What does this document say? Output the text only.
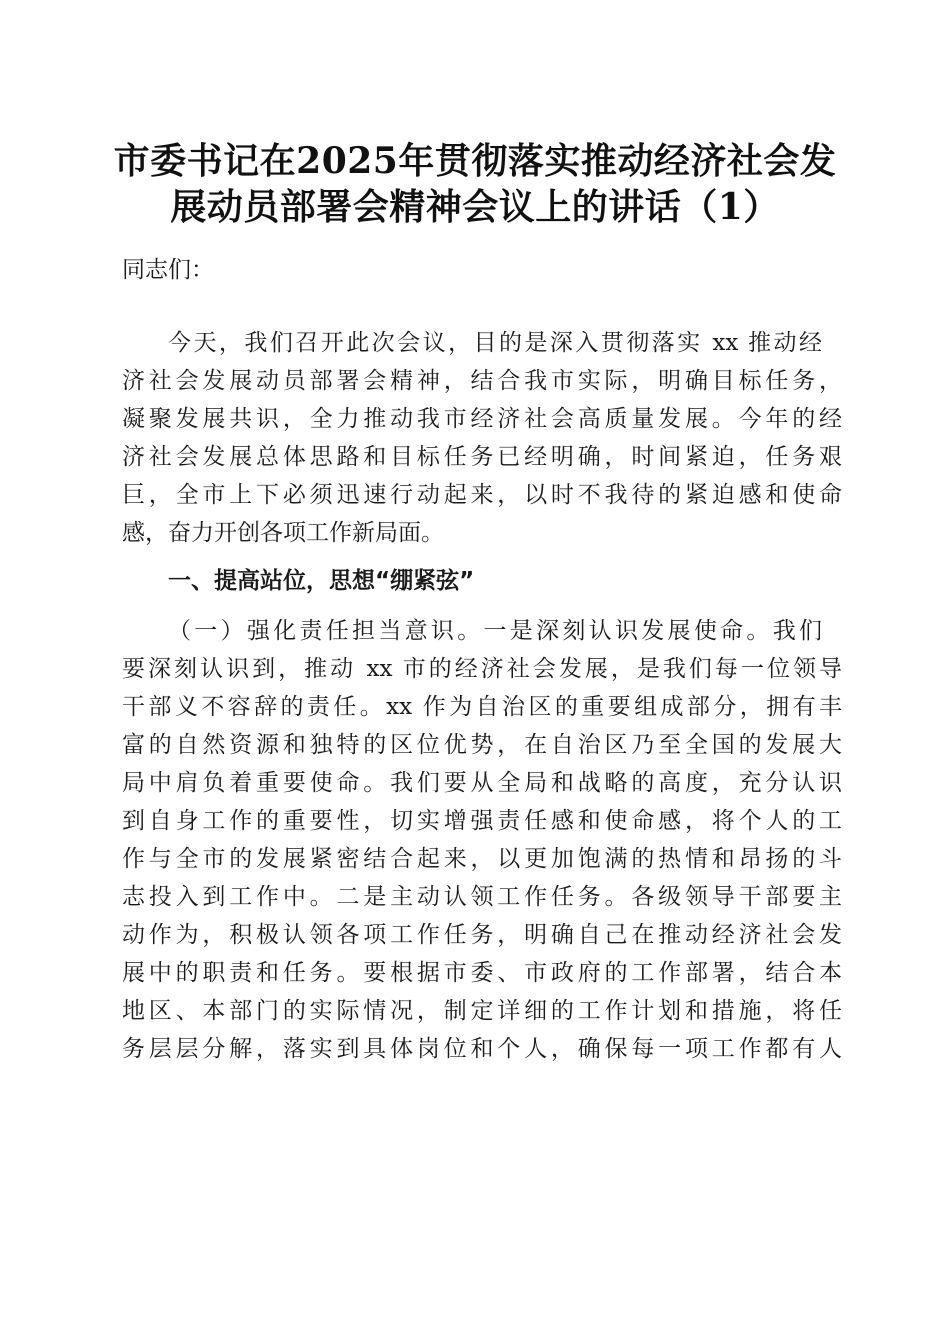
市委书记在2025年贯彻落实推动经济社会发
展动员部署会精神会议上的讲话（1）
同志们：
今天，我们召开此次会议，目的是深入贯彻落实 xx 推动经
济社会发展动员部署会精神，结合我市实际，明确目标任务，
凝聚发展共识，全力推动我市经济社会高质量发展。今年的经
济社会发展总体思路和目标任务已经明确，时间紧迫，任务艰
巨，全市上下必须迅速行动起来，以时不我待的紧迫感和使命
感，奋力开创各项工作新局面。
一、提高站位，思想“绷紧弦”
（一）强化责任担当意识。一是深刻认识发展使命。我们
要深刻认识到，推动 xx 市的经济社会发展，是我们每一位领导
干部义不容辞的责任。xx 作为自治区的重要组成部分，拥有丰
富的自然资源和独特的区位优势，在自治区乃至全国的发展大
局中肩负着重要使命。我们要从全局和战略的高度，充分认识
到自身工作的重要性，切实增强责任感和使命感，将个人的工
作与全市的发展紧密结合起来，以更加饱满的热情和昂扬的斗
志投入到工作中。二是主动认领工作任务。各级领导干部要主
动作为，积极认领各项工作任务，明确自己在推动经济社会发
展中的职责和任务。要根据市委、市政府的工作部署，结合本
地区、本部门的实际情况，制定详细的工作计划和措施，将任
务层层分解，落实到具体岗位和个人，确保每一项工作都有人
